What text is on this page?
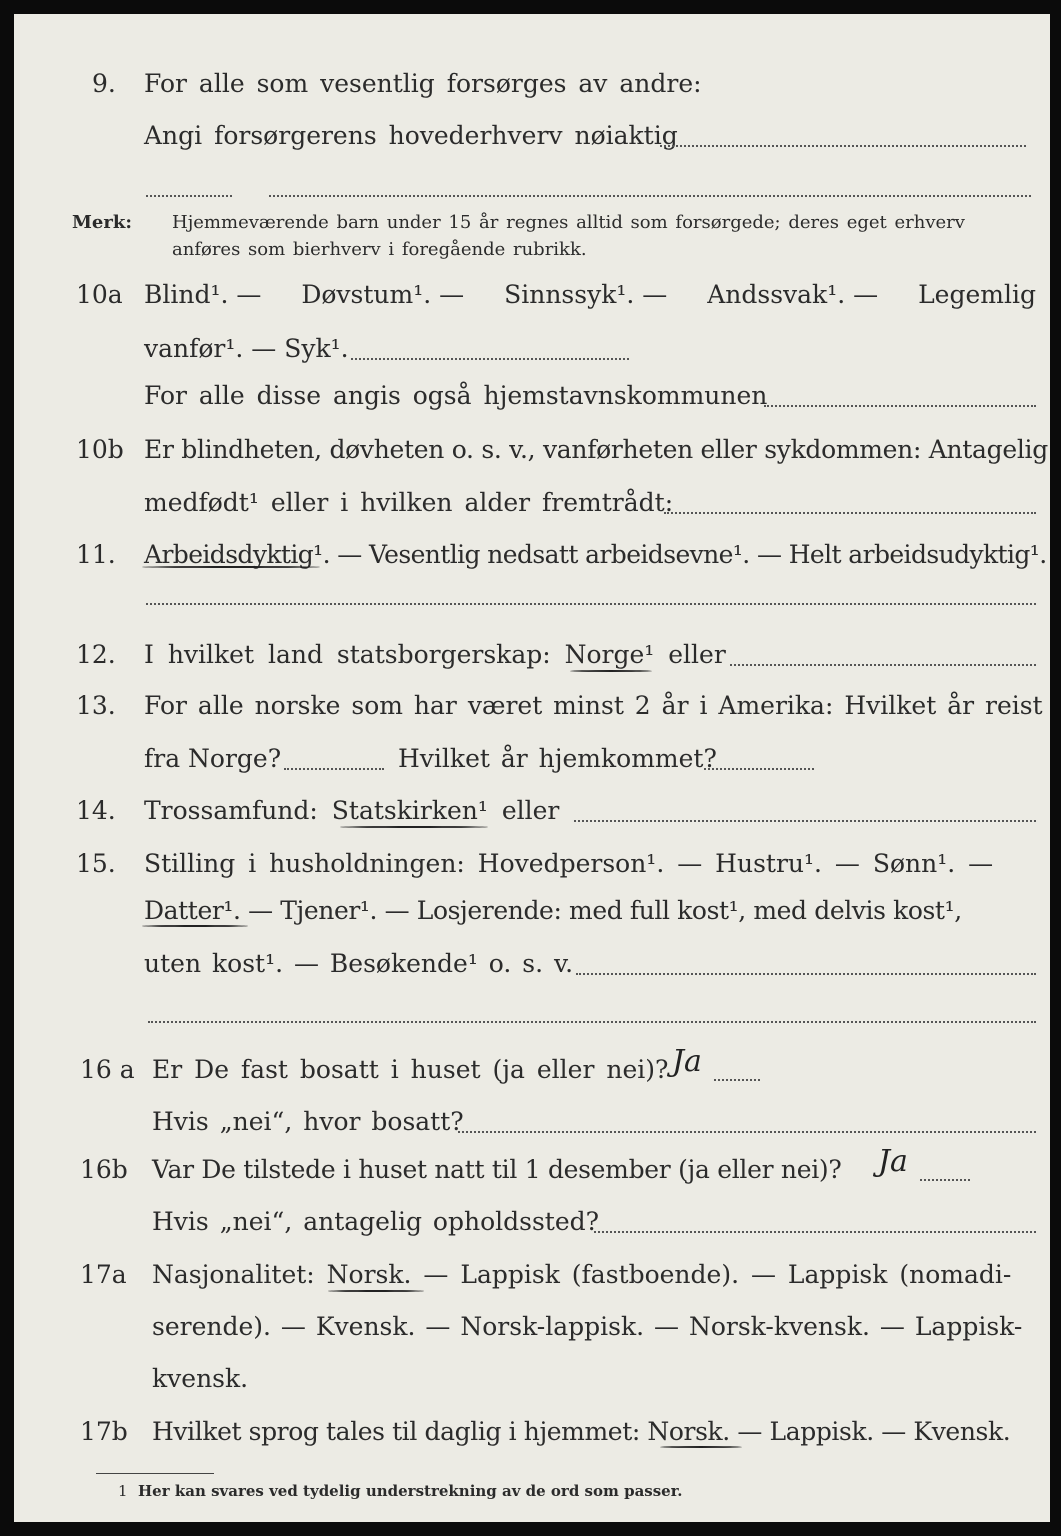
9. For alle som vesentlig forsørges av andre:
Angi forsørgerens hovederhverv nøiaktig
Merk: Hjemmeværende barn under 15 år regnes alltid som forsørgede; deres eget erhverv
anføres som bierhverv i foregående rubrikk.
10a Blind¹. — Døvstum¹. — Sinnssyk¹. — Andssvak¹. — Legemlig
vanfør¹. — Syk¹.
For alle disse angis også hjemstavnskommunen
10b Er blindheten, døvheten o. s. v., vanførheten eller sykdommen: Antagelig
medfødt¹ eller i hvilken alder fremtrådt:
11. Arbeidsdyktig¹. — Vesentlig nedsatt arbeidsevne¹. — Helt arbeidsudyktig¹.
12. I hvilket land statsborgerskap: Norge¹ eller
13. For alle norske som har været minst 2 år i Amerika: Hvilket år reist
fra Norge?	Hvilket år hjemkommet?
14. Trossamfund: Statskirken¹ eller
15. Stilling i husholdningen: Hovedperson¹. — Hustru¹. — Sønn¹. —
Datter¹. — Tjener¹. — Losjerende: med full kost¹, med delvis kost¹,
uten kost¹. — Besøkende¹ o. s. v.
16 a Er De fast bosatt i huset (ja eller nei)? Ja
Hvis „nei“, hvor bosatt?
16b Var De tilstede i huset natt til 1 desember (ja eller nei)? Ja
Hvis „nei“, antagelig opholdssted?
17a Nasjonalitet: Norsk. — Lappisk (fastboende). — Lappisk (nomadi-
serende). — Kvensk. — Norsk-lappisk. — Norsk-kvensk. — Lappisk-
kvensk.
17b Hvilket sprog tales til daglig i hjemmet: Norsk. — Lappisk. — Kvensk.
1 Her kan svares ved tydelig understrekning av de ord som passer.
